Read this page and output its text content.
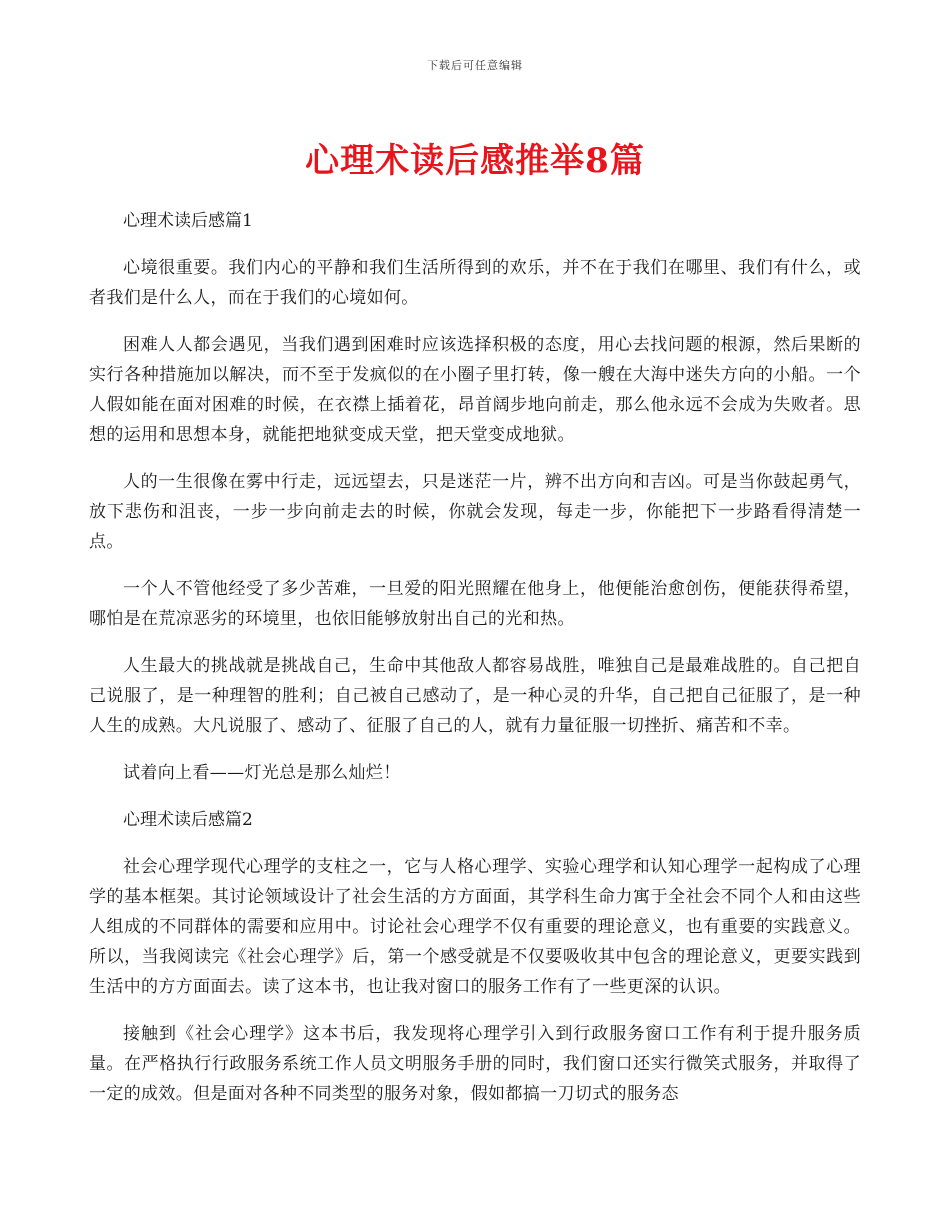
下载后可任意编辑
心理术读后感推举8篇

心理术读后感篇1

心境很重要。我们内心的平静和我们生活所得到的欢乐，并不在于我们在哪里、我们有什么，或者我们是什么人，而在于我们的心境如何。

困难人人都会遇见，当我们遇到困难时应该选择积极的态度，用心去找问题的根源，然后果断的实行各种措施加以解决，而不至于发疯似的在小圈子里打转，像一艘在大海中迷失方向的小船。一个人假如能在面对困难的时候，在衣襟上插着花，昂首阔步地向前走，那么他永远不会成为失败者。思想的运用和思想本身，就能把地狱变成天堂，把天堂变成地狱。

人的一生很像在雾中行走，远远望去，只是迷茫一片，辨不出方向和吉凶。可是当你鼓起勇气，放下悲伤和沮丧，一步一步向前走去的时候，你就会发现，每走一步，你能把下一步路看得清楚一点。

一个人不管他经受了多少苦难，一旦爱的阳光照耀在他身上，他便能治愈创伤，便能获得希望，哪怕是在荒凉恶劣的环境里，也依旧能够放射出自己的光和热。

人生最大的挑战就是挑战自己，生命中其他敌人都容易战胜，唯独自己是最难战胜的。自己把自己说服了，是一种理智的胜利；自己被自己感动了，是一种心灵的升华，自己把自己征服了，是一种人生的成熟。大凡说服了、感动了、征服了自己的人，就有力量征服一切挫折、痛苦和不幸。

试着向上看——灯光总是那么灿烂！

心理术读后感篇2

社会心理学现代心理学的支柱之一，它与人格心理学、实验心理学和认知心理学一起构成了心理学的基本框架。其讨论领域设计了社会生活的方方面面，其学科生命力寓于全社会不同个人和由这些人组成的不同群体的需要和应用中。讨论社会心理学不仅有重要的理论意义，也有重要的实践意义。所以，当我阅读完《社会心理学》后，第一个感受就是不仅要吸收其中包含的理论意义，更要实践到生活中的方方面面去。读了这本书，也让我对窗口的服务工作有了一些更深的认识。

接触到《社会心理学》这本书后，我发现将心理学引入到行政服务窗口工作有利于提升服务质量。在严格执行行政服务系统工作人员文明服务手册的同时，我们窗口还实行微笑式服务，并取得了一定的成效。但是面对各种不同类型的服务对象，假如都搞一刀切式的服务态
